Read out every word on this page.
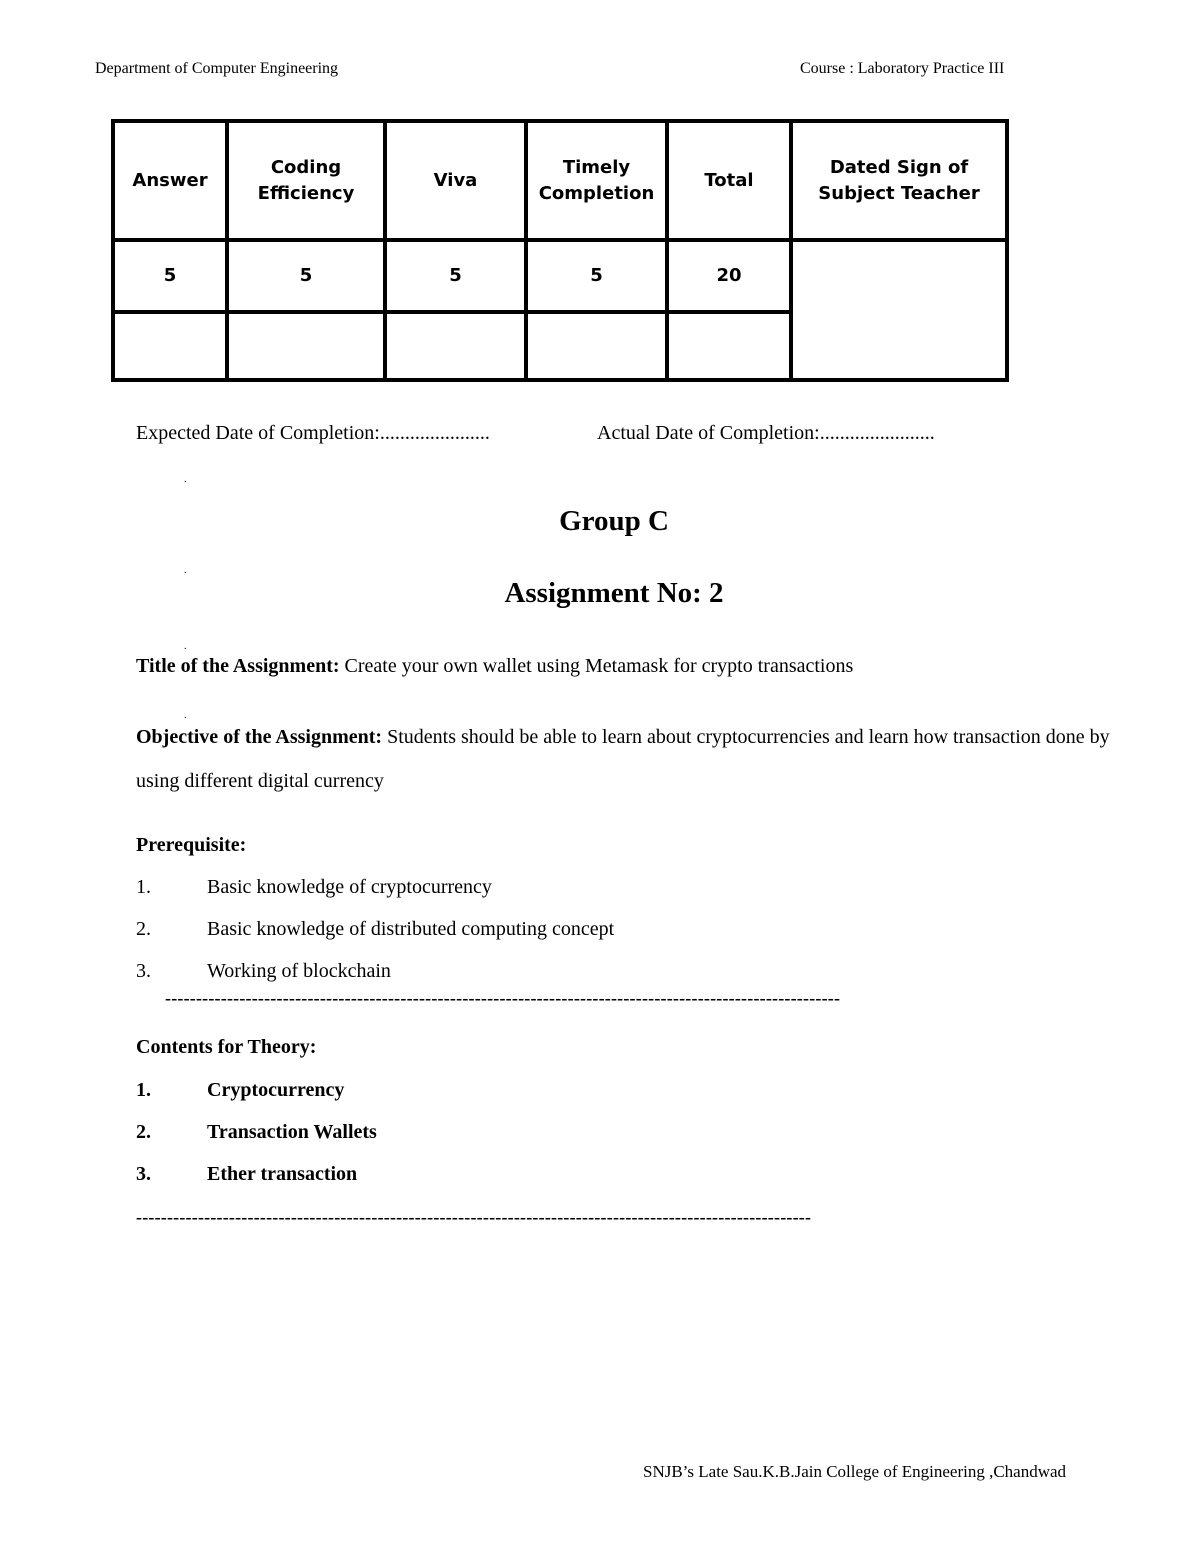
Department of Computer Engineering	Course : Laboratory Practice III
Answer	Coding Efficiency	Viva	Timely Completion	Total	Dated Sign of Subject Teacher
5	5	5	5	20	

Expected Date of Completion:......................	Actual Date of Completion:.......................
.
Group C
.
Assignment No: 2
.
Title of the Assignment: Create your own wallet using Metamask for crypto transactions
.
Objective of the Assignment: Students should be able to learn about cryptocurrencies and learn how transaction done by using different digital currency
Prerequisite:
1.	Basic knowledge of cryptocurrency
2.	Basic knowledge of distributed computing concept
3.	Working of blockchain
-------------------------------------------------------------------------------------------------------------
Contents for Theory:
1.	Cryptocurrency
2.	Transaction Wallets
3.	Ether transaction
-------------------------------------------------------------------------------------------------------------
SNJB’s Late Sau.K.B.Jain College of Engineering ,Chandwad
